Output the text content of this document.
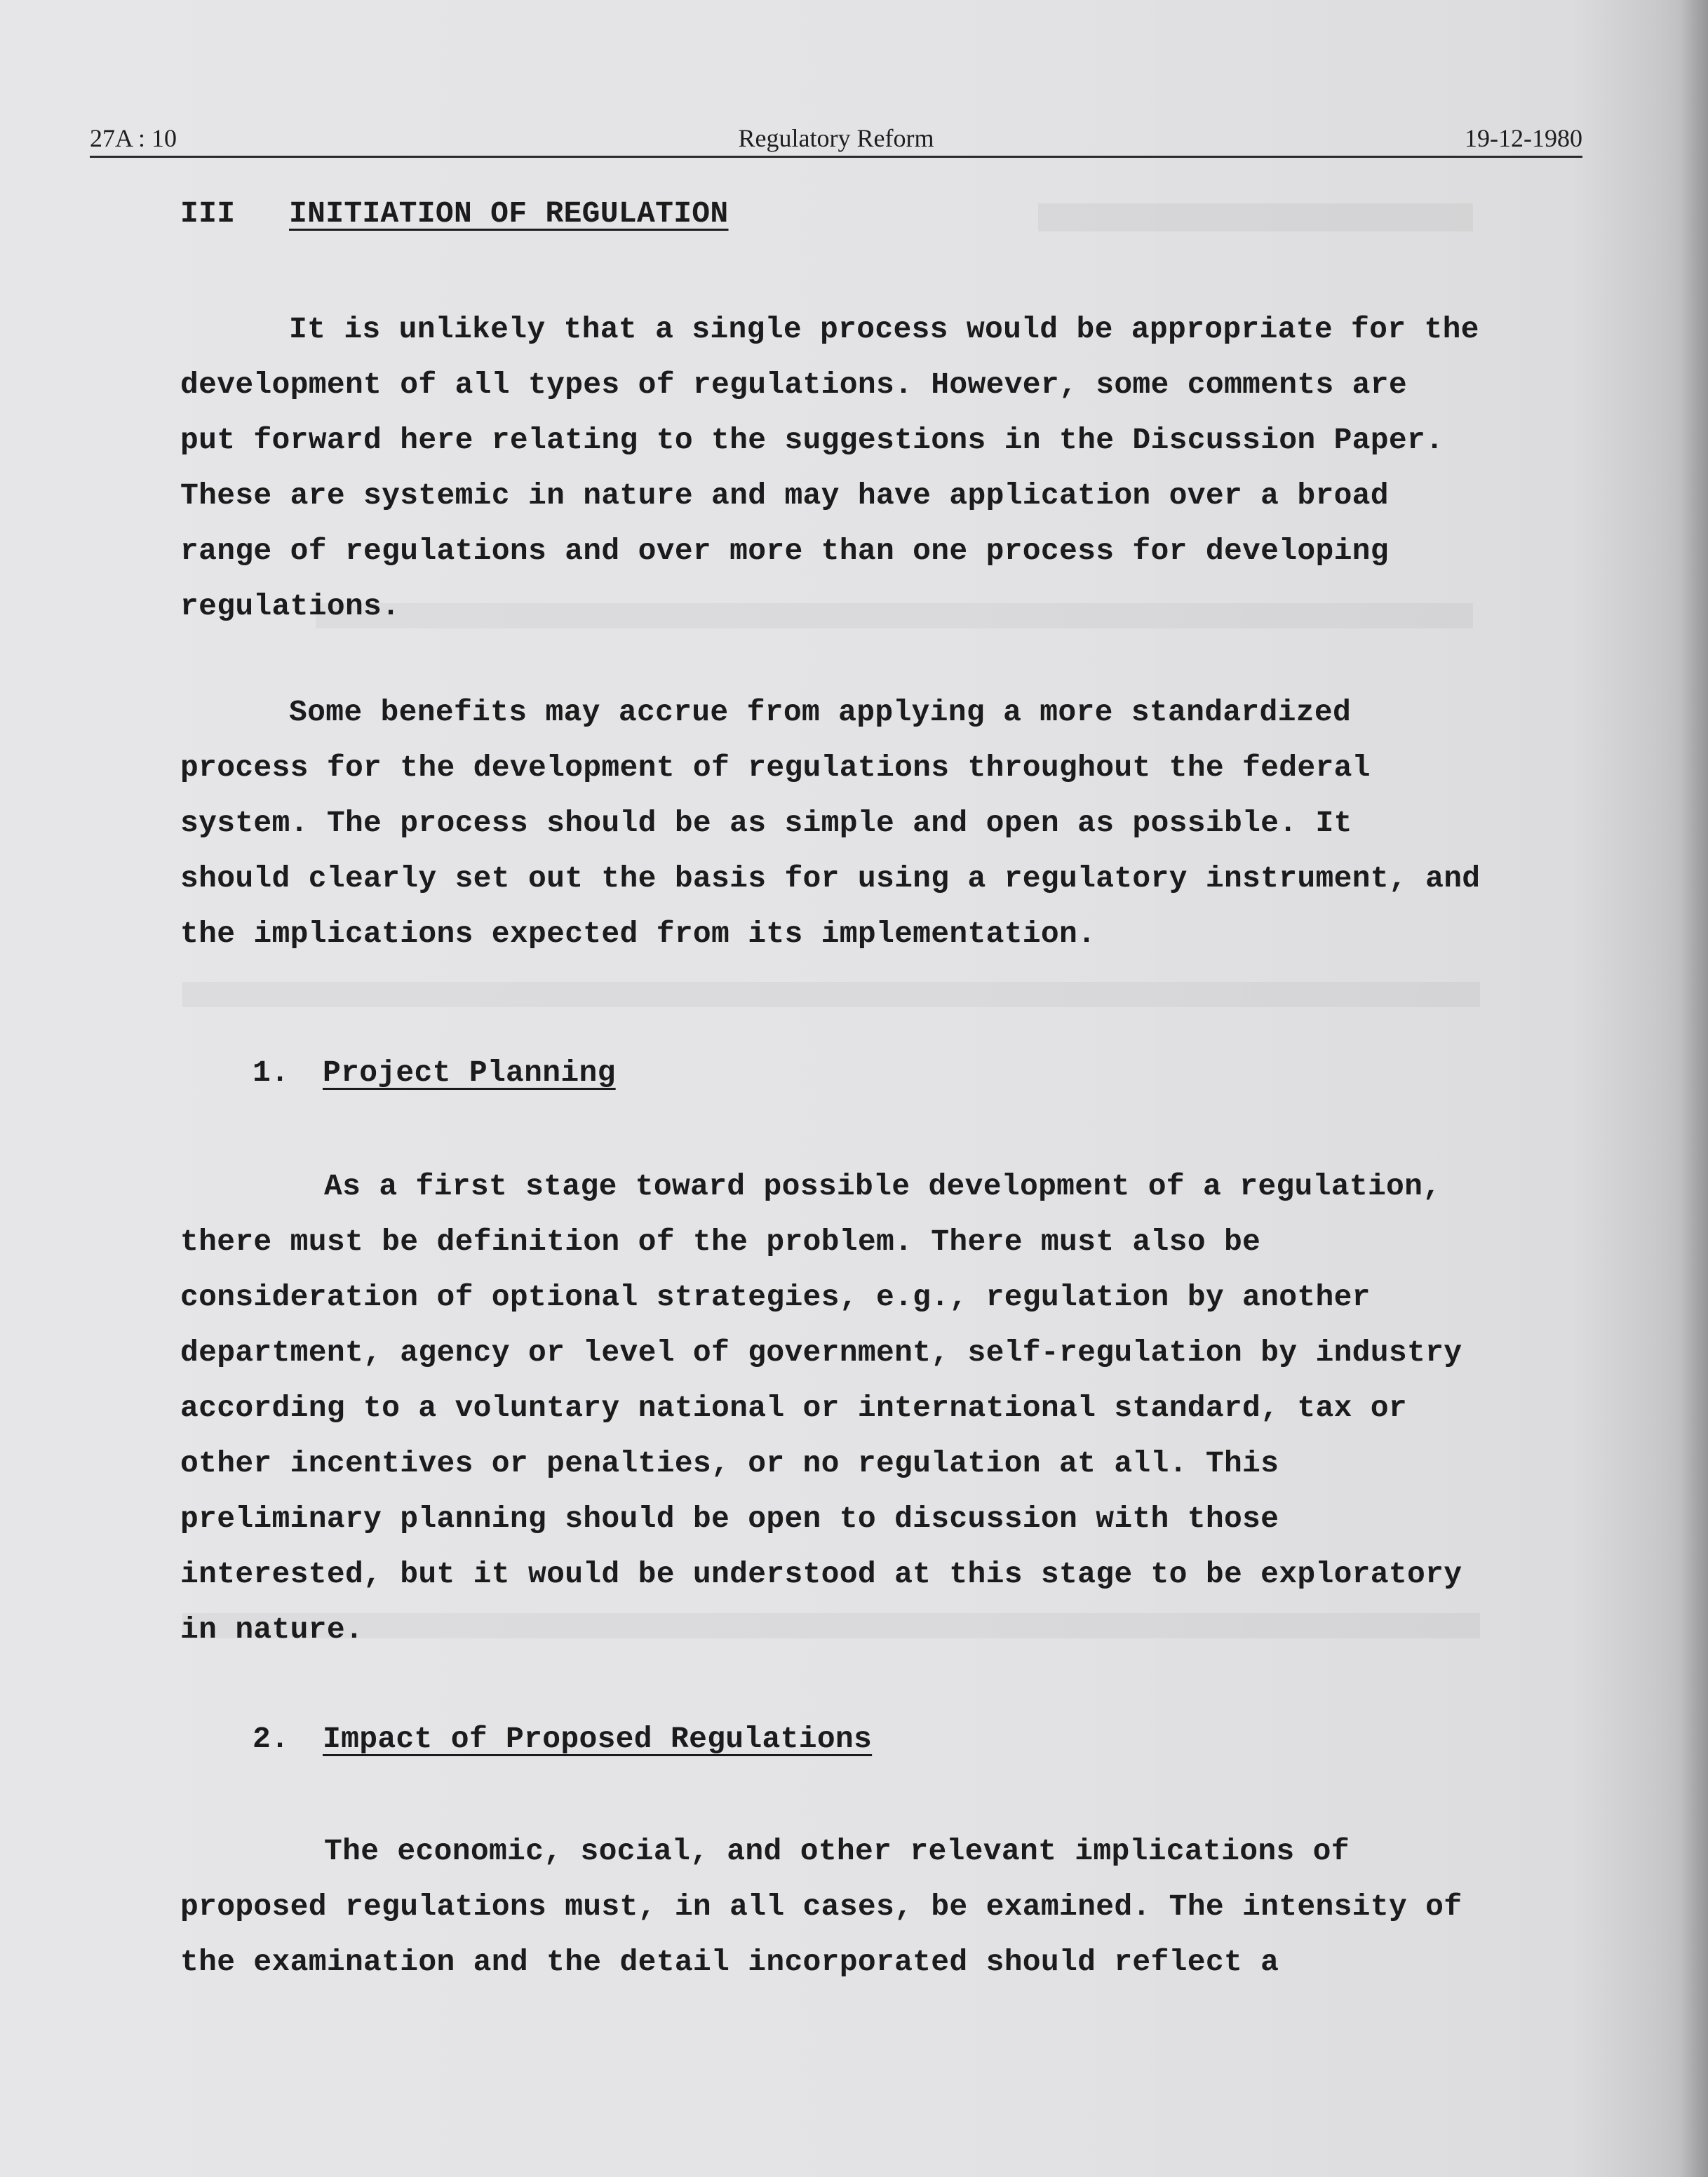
27A : 10	Regulatory Reform	19-12-1980
III INITIATION OF REGULATION
It is unlikely that a single process would be appropriate for the
development of all types of regulations. However, some comments are
put forward here relating to the suggestions in the Discussion Paper.
These are systemic in nature and may have application over a broad
range of regulations and over more than one process for developing
regulations.
Some benefits may accrue from applying a more standardized
process for the development of regulations throughout the federal
system. The process should be as simple and open as possible. It
should clearly set out the basis for using a regulatory instrument, and
the implications expected from its implementation.
1. Project Planning
As a first stage toward possible development of a regulation,
there must be definition of the problem. There must also be
consideration of optional strategies, e.g., regulation by another
department, agency or level of government, self-regulation by industry
according to a voluntary national or international standard, tax or
other incentives or penalties, or no regulation at all. This
preliminary planning should be open to discussion with those
interested, but it would be understood at this stage to be exploratory
in nature.
2. Impact of Proposed Regulations
The economic, social, and other relevant implications of
proposed regulations must, in all cases, be examined. The intensity of
the examination and the detail incorporated should reflect a
